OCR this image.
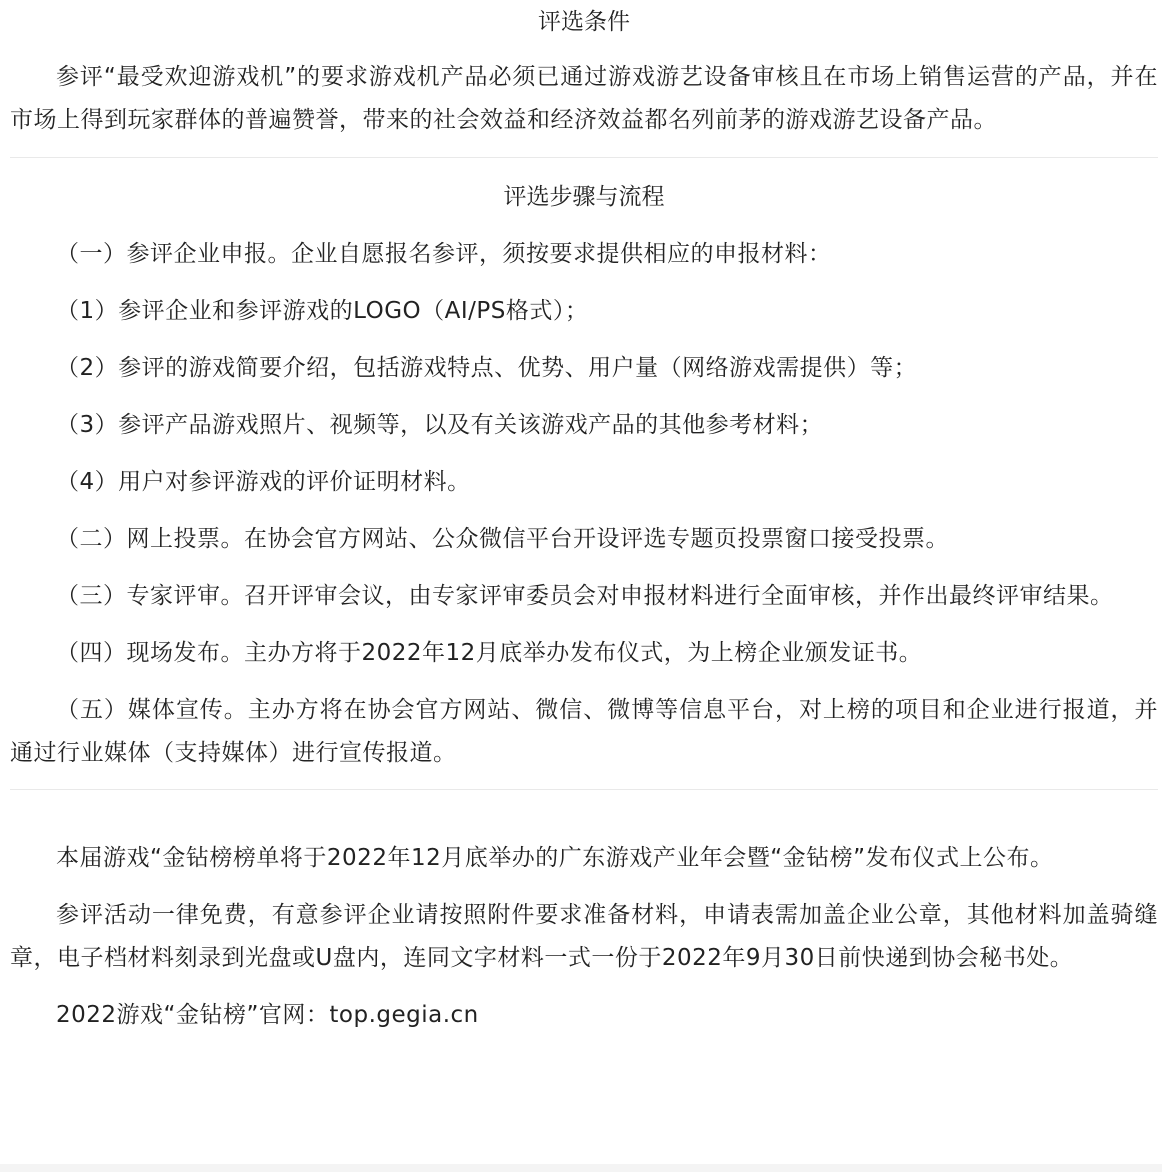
评选条件

参评“最受欢迎游戏机”的要求游戏机产品必须已通过游戏游艺设备审核且在市场上销售运营的产品，并在市场上得到玩家群体的普遍赞誉，带来的社会效益和经济效益都名列前茅的游戏游艺设备产品。

评选步骤与流程

（一）参评企业申报。企业自愿报名参评，须按要求提供相应的申报材料：

（1）参评企业和参评游戏的LOGO（AI/PS格式）；

（2）参评的游戏简要介绍，包括游戏特点、优势、用户量（网络游戏需提供）等；

（3）参评产品游戏照片、视频等，以及有关该游戏产品的其他参考材料；

（4）用户对参评游戏的评价证明材料。

（二）网上投票。在协会官方网站、公众微信平台开设评选专题页投票窗口接受投票。

（三）专家评审。召开评审会议，由专家评审委员会对申报材料进行全面审核，并作出最终评审结果。

（四）现场发布。主办方将于2022年12月底举办发布仪式，为上榜企业颁发证书。

（五）媒体宣传。主办方将在协会官方网站、微信、微博等信息平台，对上榜的项目和企业进行报道，并通过行业媒体（支持媒体）进行宣传报道。

本届游戏“金钻榜榜单将于2022年12月底举办的广东游戏产业年会暨“金钻榜”发布仪式上公布。

参评活动一律免费，有意参评企业请按照附件要求准备材料，申请表需加盖企业公章，其他材料加盖骑缝章，电子档材料刻录到光盘或U盘内，连同文字材料一式一份于2022年9月30日前快递到协会秘书处。

2022游戏“金钻榜”官网：top.gegia.cn
